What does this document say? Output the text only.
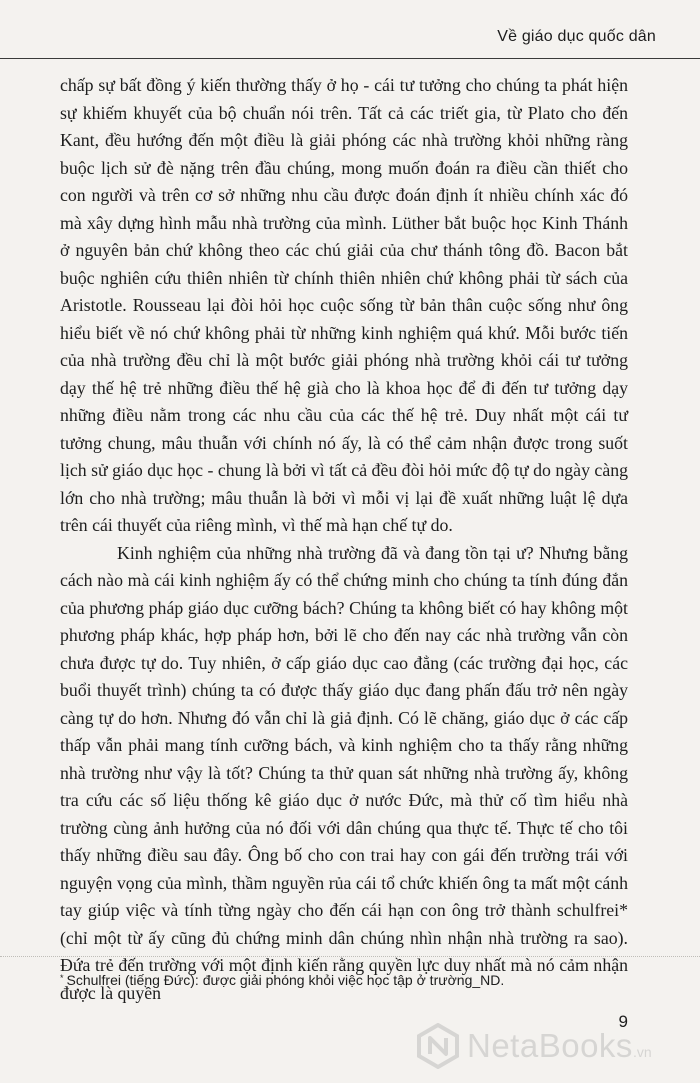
Về giáo dục quốc dân

chấp sự bất đồng ý kiến thường thấy ở họ - cái tư tưởng cho chúng ta phát hiện sự khiếm khuyết của bộ chuẩn nói trên. Tất cả các triết gia, từ Plato cho đến Kant, đều hướng đến một điều là giải phóng các nhà trường khỏi những ràng buộc lịch sử đè nặng trên đầu chúng, mong muốn đoán ra điều cần thiết cho con người và trên cơ sở những nhu cầu được đoán định ít nhiều chính xác đó mà xây dựng hình mẫu nhà trường của mình. Lüther bắt buộc học Kinh Thánh ở nguyên bản chứ không theo các chú giải của chư thánh tông đồ. Bacon bắt buộc nghiên cứu thiên nhiên từ chính thiên nhiên chứ không phải từ sách của Aristotle. Rousseau lại đòi hỏi học cuộc sống từ bản thân cuộc sống như ông hiểu biết về nó chứ không phải từ những kinh nghiệm quá khứ. Mỗi bước tiến của nhà trường đều chỉ là một bước giải phóng nhà trường khỏi cái tư tưởng dạy thế hệ trẻ những điều thế hệ già cho là khoa học để đi đến tư tưởng dạy những điều nằm trong các nhu cầu của các thế hệ trẻ. Duy nhất một cái tư tưởng chung, mâu thuẫn với chính nó ấy, là có thể cảm nhận được trong suốt lịch sử giáo dục học - chung là bởi vì tất cả đều đòi hỏi mức độ tự do ngày càng lớn cho nhà trường; mâu thuẫn là bởi vì mỗi vị lại đề xuất những luật lệ dựa trên cái thuyết của riêng mình, vì thế mà hạn chế tự do.

Kinh nghiệm của những nhà trường đã và đang tồn tại ư? Nhưng bằng cách nào mà cái kinh nghiệm ấy có thể chứng minh cho chúng ta tính đúng đắn của phương pháp giáo dục cưỡng bách? Chúng ta không biết có hay không một phương pháp khác, hợp pháp hơn, bởi lẽ cho đến nay các nhà trường vẫn còn chưa được tự do. Tuy nhiên, ở cấp giáo dục cao đẳng (các trường đại học, các buổi thuyết trình) chúng ta có được thấy giáo dục đang phấn đấu trở nên ngày càng tự do hơn. Nhưng đó vẫn chỉ là giả định. Có lẽ chăng, giáo dục ở các cấp thấp vẫn phải mang tính cưỡng bách, và kinh nghiệm cho ta thấy rằng những nhà trường như vậy là tốt? Chúng ta thử quan sát những nhà trường ấy, không tra cứu các số liệu thống kê giáo dục ở nước Đức, mà thử cố tìm hiểu nhà trường cùng ảnh hưởng của nó đối với dân chúng qua thực tế. Thực tế cho tôi thấy những điều sau đây. Ông bố cho con trai hay con gái đến trường trái với nguyện vọng của mình, thầm nguyền rủa cái tổ chức khiến ông ta mất một cánh tay giúp việc và tính từng ngày cho đến cái hạn con ông trở thành schulfrei* (chỉ một từ ấy cũng đủ chứng minh dân chúng nhìn nhận nhà trường ra sao). Đứa trẻ đến trường với một định kiến rằng quyền lực duy nhất mà nó cảm nhận được là quyền

* Schulfrei (tiếng Đức): được giải phóng khỏi việc học tập ở trường_ND.
9
NetaBooks .vn
